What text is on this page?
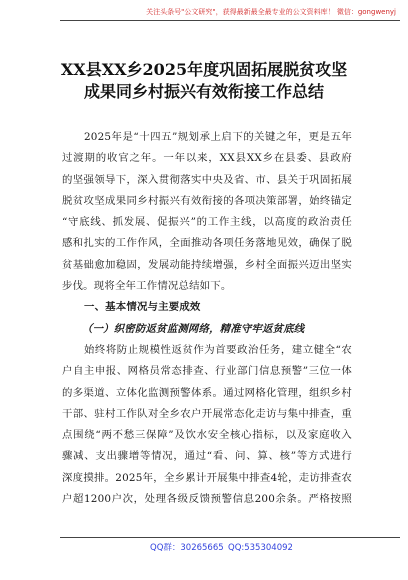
关注头条号"公文研究"，获得最新最全最专业的公文资料库！ 微信：gongwenyj
XX县XX乡2025年度巩固拓展脱贫攻坚
成果同乡村振兴有效衔接工作总结

2025年是“十四五”规划承上启下的关键之年，更是五年

过渡期的收官之年。一年以来，XX县XX乡在县委、县政府

的坚强领导下，深入贯彻落实中央及省、市、县关于巩固拓展

脱贫攻坚成果同乡村振兴有效衔接的各项决策部署，始终锚定

“守底线、抓发展、促振兴”的工作主线，以高度的政治责任

感和扎实的工作作风，全面推动各项任务落地见效，确保了脱

贫基础愈加稳固，发展动能持续增强，乡村全面振兴迈出坚实

步伐。现将全年工作情况总结如下。

一、基本情况与主要成效

（一）织密防返贫监测网络，精准守牢返贫底线

始终将防止规模性返贫作为首要政治任务，建立健全“农

户自主申报、网格员常态排查、行业部门信息预警”三位一体

的多渠道、立体化监测预警体系。通过网格化管理，组织乡村

干部、驻村工作队对全乡农户开展常态化走访与集中排查，重

点围绕“两不愁三保障”及饮水安全核心指标，以及家庭收入

骤减、支出骤增等情况，通过“看、问、算、核”等方式进行

深度摸排。2025年，全乡累计开展集中排查4轮，走访排查农

户超1200户次，处理各级反馈预警信息200余条。严格按照

QQ群：30265665 QQ:535304092
